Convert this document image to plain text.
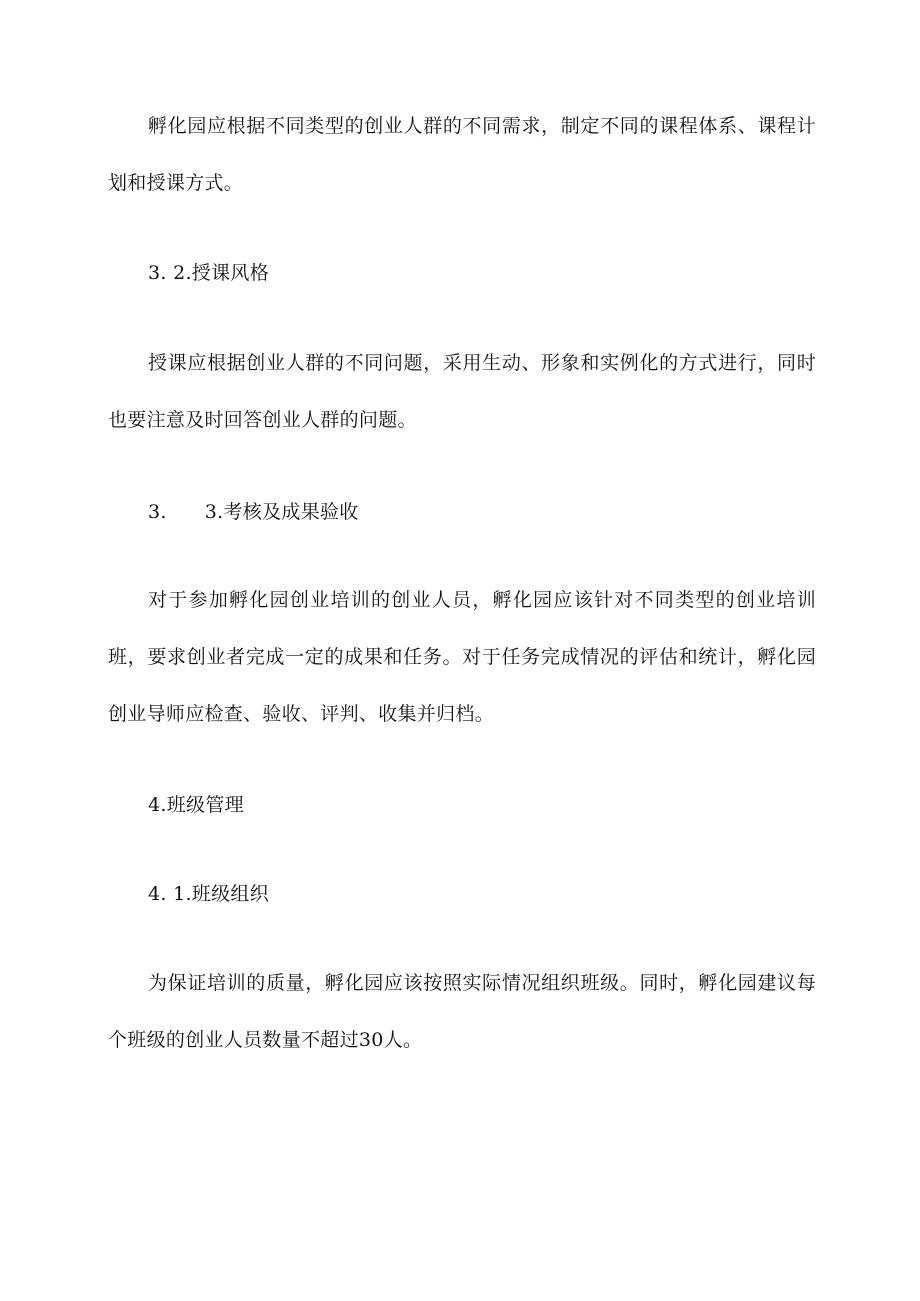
孵化园应根据不同类型的创业人群的不同需求，制定不同的课程体系、课程计划和授课方式。

3. 2.授课风格

授课应根据创业人群的不同问题，采用生动、形象和实例化的方式进行，同时也要注意及时回答创业人群的问题。

3.      3.考核及成果验收

对于参加孵化园创业培训的创业人员，孵化园应该针对不同类型的创业培训班，要求创业者完成一定的成果和任务。对于任务完成情况的评估和统计，孵化园创业导师应检查、验收、评判、收集并归档。

4.班级管理
4. 1.班级组织

为保证培训的质量，孵化园应该按照实际情况组织班级。同时，孵化园建议每个班级的创业人员数量不超过30人。
